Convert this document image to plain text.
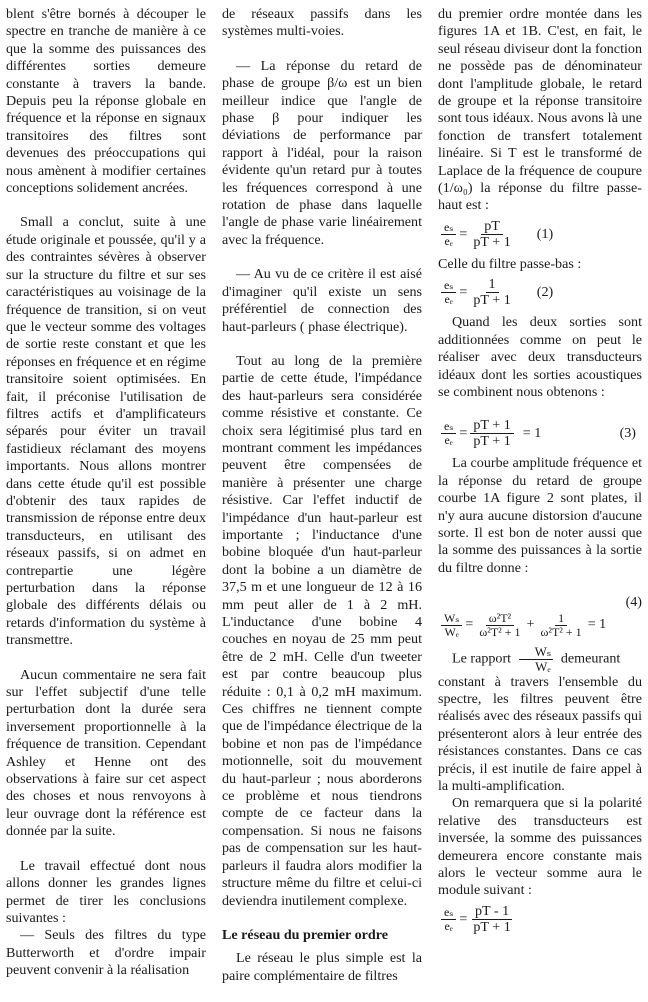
blent s'être bornés à découper le spectre en tranche de manière à ce que la somme des puissances des différentes sorties demeure constante à travers la bande. Depuis peu la réponse globale en fréquence et la réponse en signaux transitoires des filtres sont devenues des préoccupations qui nous amènent à modifier certaines conceptions solidement ancrées.

Small a conclut, suite à une étude originale et poussée, qu'il y a des contraintes sévères à observer sur la structure du filtre et sur ses caractéristiques au voisinage de la fréquence de transition, si on veut que le vecteur somme des voltages de sortie reste constant et que les réponses en fréquence et en régime transitoire soient optimisées. En fait, il préconise l'utilisation de filtres actifs et d'amplificateurs séparés pour éviter un travail fastidieux réclamant des moyens importants. Nous allons montrer dans cette étude qu'il est possible d'obtenir des taux rapides de transmission de réponse entre deux transducteurs, en utilisant des réseaux passifs, si on admet en contrepartie une légère perturbation dans la réponse globale des différents délais ou retards d'information du système à transmettre.

Aucun commentaire ne sera fait sur l'effet subjectif d'une telle perturbation dont la durée sera inversement proportionnelle à la fréquence de transition. Cependant Ashley et Henne ont des observations à faire sur cet aspect des choses et nous renvoyons à leur ouvrage dont la référence est donnée par la suite.

Le travail effectué dont nous allons donner les grandes lignes permet de tirer les conclusions suivantes :

— Seuls des filtres du type Butterworth et d'ordre impair peuvent convenir à la réalisation

de réseaux passifs dans les systèmes multi-voies.

— La réponse du retard de phase de groupe β/ω est un bien meilleur indice que l'angle de phase β pour indiquer les déviations de performance par rapport à l'idéal, pour la raison évidente qu'un retard pur à toutes les fréquences correspond à une rotation de phase dans laquelle l'angle de phase varie linéairement avec la fréquence.

— Au vu de ce critère il est aisé d'imaginer qu'il existe un sens préférentiel de connection des haut-parleurs ( phase électrique).

Tout au long de la première partie de cette étude, l'impédance des haut-parleurs sera considérée comme résistive et constante. Ce choix sera légitimisé plus tard en montrant comment les impédances peuvent être compensées de manière à présenter une charge résistive. Car l'effet inductif de l'impédance d'un haut-parleur est importante ; l'inductance d'une bobine bloquée d'un haut-parleur dont la bobine a un diamètre de 37,5 m et une longueur de 12 à 16 mm peut aller de 1 à 2 mH. L'inductance d'une bobine 4 couches en noyau de 25 mm peut être de 2 mH. Celle d'un tweeter est par contre beaucoup plus réduite : 0,1 à 0,2 mH maximum. Ces chiffres ne tiennent compte que de l'impédance électrique de la bobine et non pas de l'impédance motionnelle, soit du mouvement du haut-parleur ; nous aborderons ce problème et nous tiendrons compte de ce facteur dans la compensation. Si nous ne faisons pas de compensation sur les haut-parleurs il faudra alors modifier la structure même du filtre et celui-ci deviendra inutilement complexe.

Le réseau du premier ordre

Le réseau le plus simple est la paire complémentaire de filtres

du premier ordre montée dans les figures 1A et 1B. C'est, en fait, le seul réseau diviseur dont la fonction ne possède pas de dénominateur dont l'amplitude globale, le retard de groupe et la réponse transitoire sont tous idéaux. Nous avons là une fonction de transfert totalement linéaire. Si T est le transformé de Laplace de la fréquence de coupure (1/ω₀) la réponse du filtre passe-haut est :

$\frac{\text{eₛ}}{\text{eₑ}} = \frac{pT}{pT + 1} (1)$

Celle du filtre passe-bas :

$\frac{\text{eₛ}}{\text{eₑ}} = \frac{1}{pT + 1} (2)$

Quand les deux sorties sont additionnées comme on peut le réaliser avec deux transducteurs idéaux dont les sorties acoustiques se combinent nous obtenons :

$\frac{\text{eₛ}}{\text{eₑ}} = \frac{pT + 1}{pT + 1} = 1$	(3)

La courbe amplitude fréquence et la réponse du retard de groupe courbe 1A figure 2 sont plates, il n'y aura aucune distorsion d'aucune sorte. Il est bon de noter aussi que la somme des puissances à la sortie du filtre donne :

(4)
$\frac{\text{Wₛ}}{\text{Wₑ}} = \frac{\text{ω²T²}}{\text{ω²T² + 1}} + \frac{1}{\text{ω²T² + 1}} = 1$

Le rapport $\frac{\text{Wₛ}}{\text{Wₑ}}$ demeurant

constant à travers l'ensemble du spectre, les filtres peuvent être réalisés avec des réseaux passifs qui présenteront alors à leur entrée des résistances constantes. Dans ce cas précis, il est inutile de faire appel à la multi-amplification.

On remarquera que si la polarité relative des transducteurs est inversée, la somme des puissances demeurera encore constante mais alors le vecteur somme aura le module suivant :

$\frac{\text{eₛ}}{\text{eₑ}} = \frac{pT - 1}{pT + 1}$
